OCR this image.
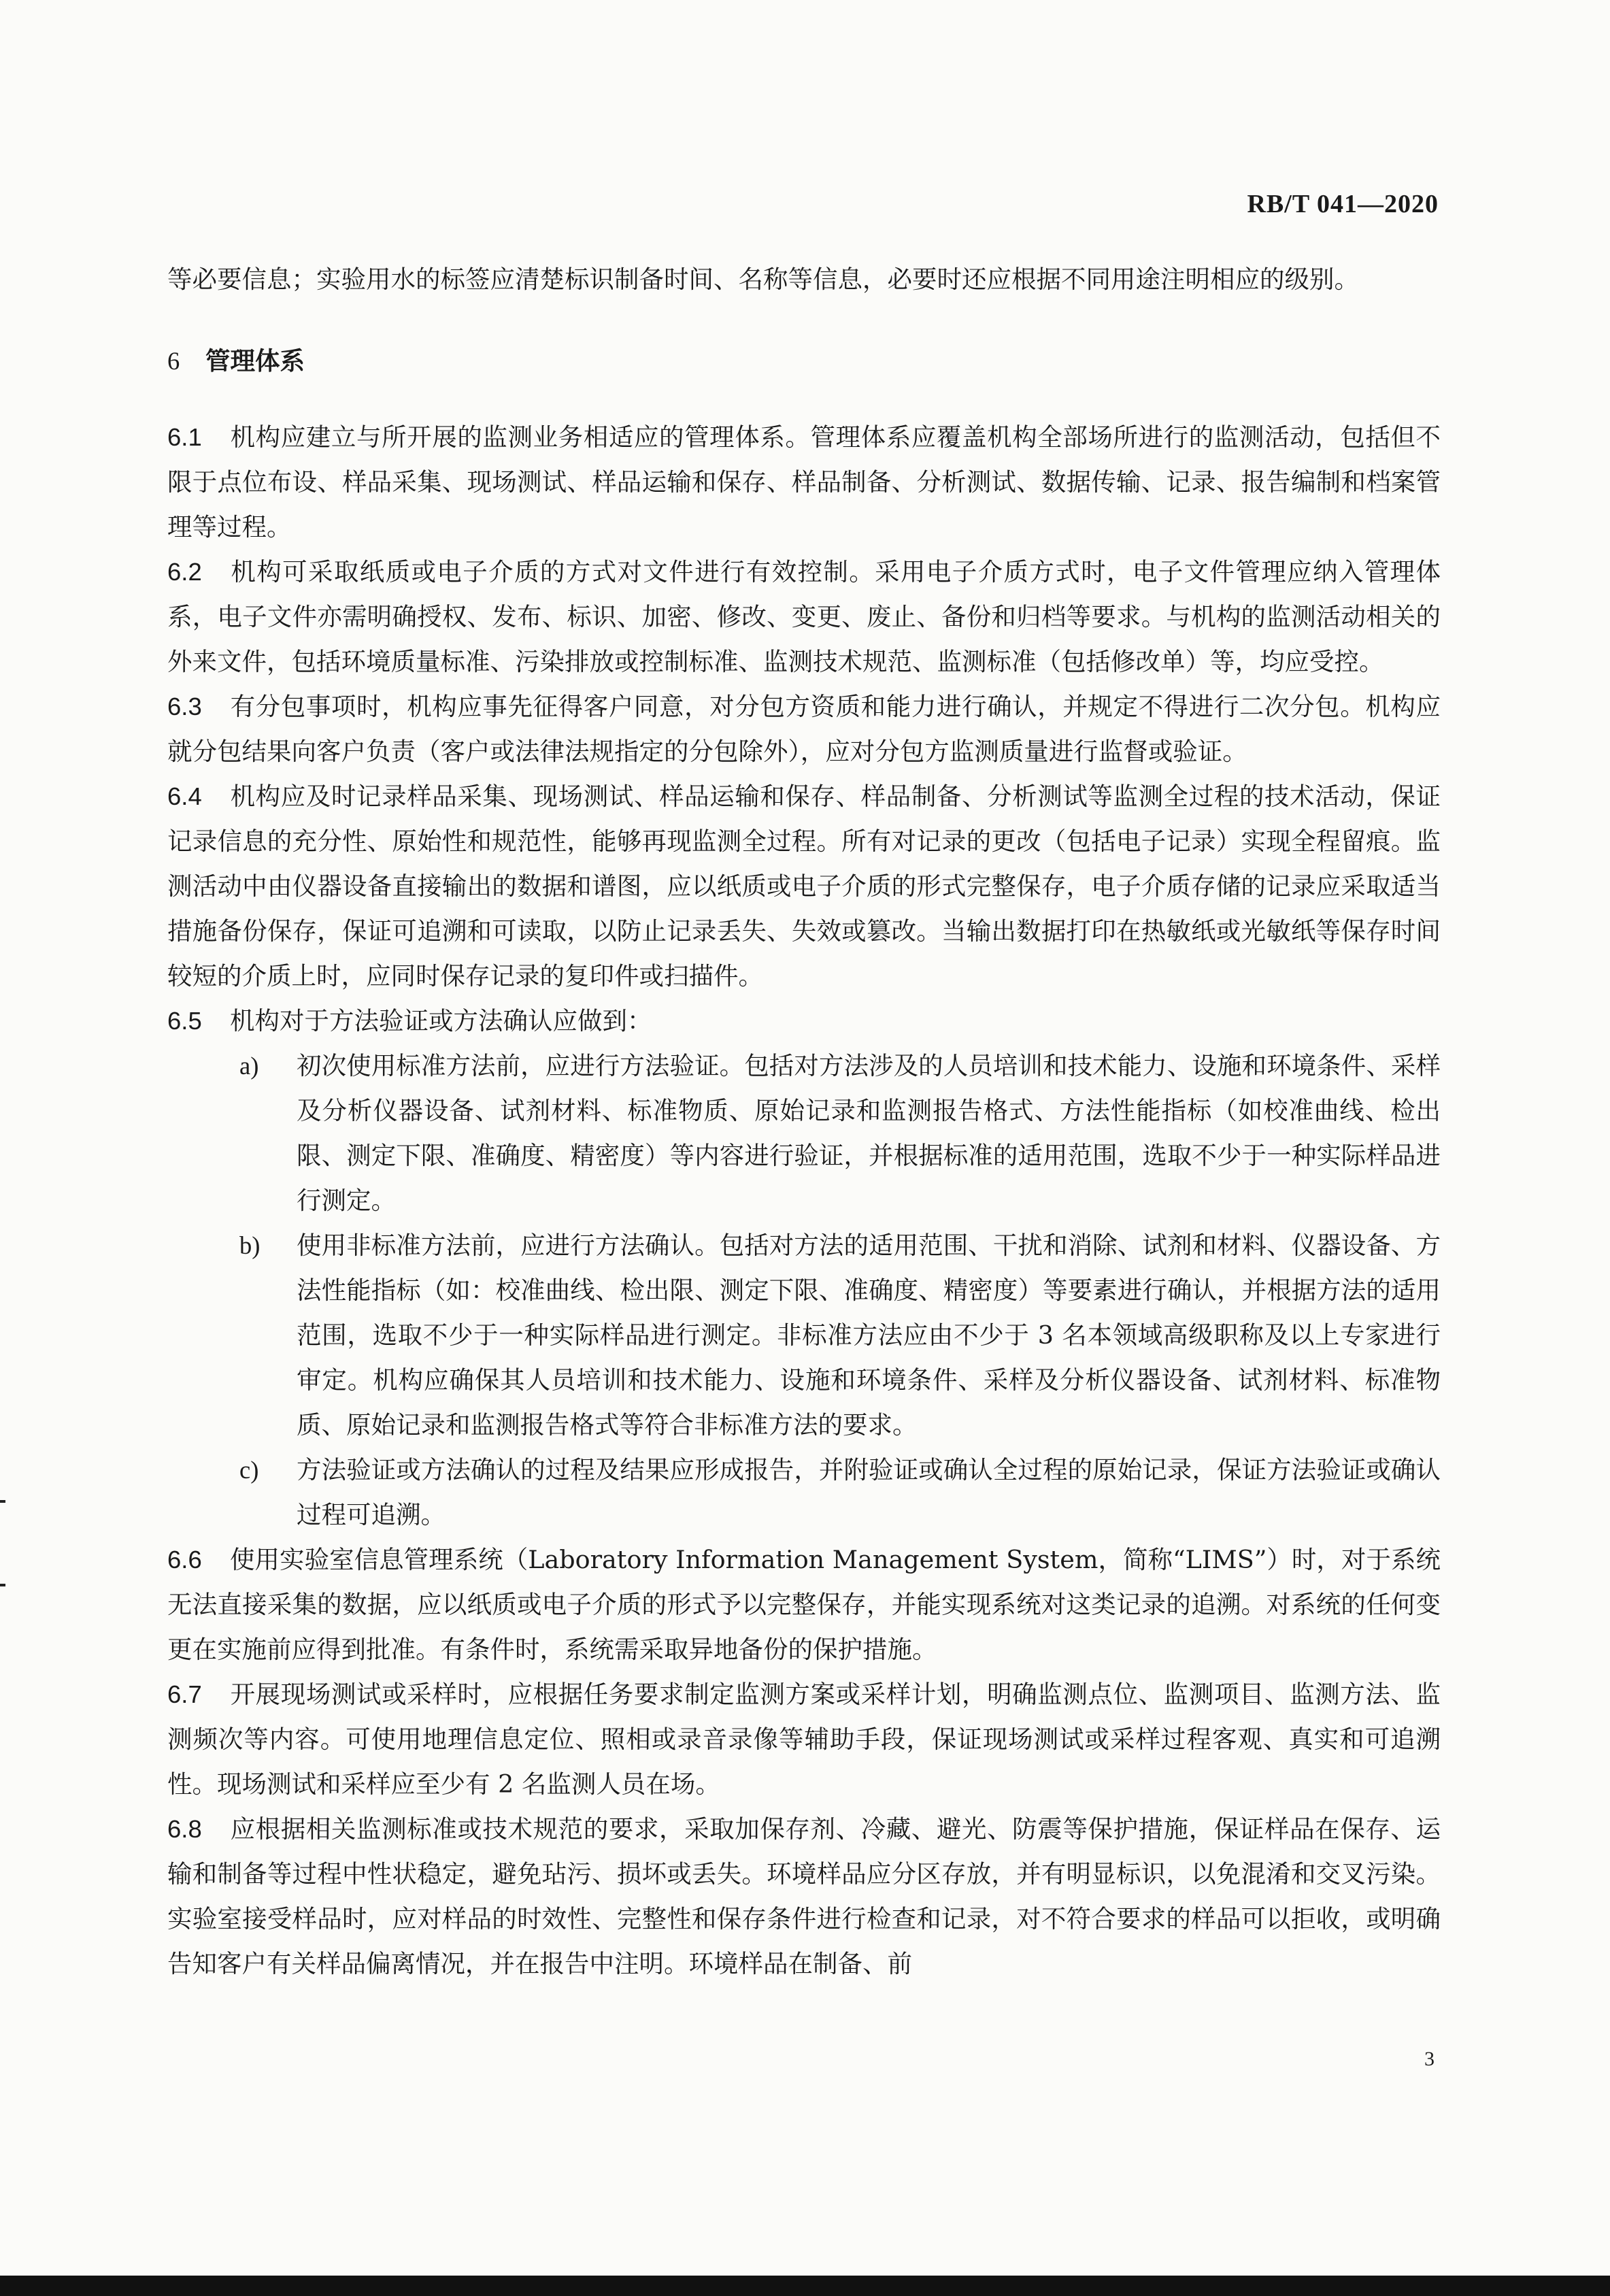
RB/T 041—2020

等必要信息；实验用水的标签应清楚标识制备时间、名称等信息，必要时还应根据不同用途注明相应的级别。

6 管理体系

6.1 机构应建立与所开展的监测业务相适应的管理体系。管理体系应覆盖机构全部场所进行的监测活动，包括但不限于点位布设、样品采集、现场测试、样品运输和保存、样品制备、分析测试、数据传输、记录、报告编制和档案管理等过程。

6.2 机构可采取纸质或电子介质的方式对文件进行有效控制。采用电子介质方式时，电子文件管理应纳入管理体系，电子文件亦需明确授权、发布、标识、加密、修改、变更、废止、备份和归档等要求。与机构的监测活动相关的外来文件，包括环境质量标准、污染排放或控制标准、监测技术规范、监测标准（包括修改单）等，均应受控。

6.3 有分包事项时，机构应事先征得客户同意，对分包方资质和能力进行确认，并规定不得进行二次分包。机构应就分包结果向客户负责（客户或法律法规指定的分包除外），应对分包方监测质量进行监督或验证。

6.4 机构应及时记录样品采集、现场测试、样品运输和保存、样品制备、分析测试等监测全过程的技术活动，保证记录信息的充分性、原始性和规范性，能够再现监测全过程。所有对记录的更改（包括电子记录）实现全程留痕。监测活动中由仪器设备直接输出的数据和谱图，应以纸质或电子介质的形式完整保存，电子介质存储的记录应采取适当措施备份保存，保证可追溯和可读取，以防止记录丢失、失效或篡改。当输出数据打印在热敏纸或光敏纸等保存时间较短的介质上时，应同时保存记录的复印件或扫描件。

6.5 机构对于方法验证或方法确认应做到：

a) 初次使用标准方法前，应进行方法验证。包括对方法涉及的人员培训和技术能力、设施和环境条件、采样及分析仪器设备、试剂材料、标准物质、原始记录和监测报告格式、方法性能指标（如校准曲线、检出限、测定下限、准确度、精密度）等内容进行验证，并根据标准的适用范围，选取不少于一种实际样品进行测定。

b) 使用非标准方法前，应进行方法确认。包括对方法的适用范围、干扰和消除、试剂和材料、仪器设备、方法性能指标（如：校准曲线、检出限、测定下限、准确度、精密度）等要素进行确认，并根据方法的适用范围，选取不少于一种实际样品进行测定。非标准方法应由不少于 3 名本领域高级职称及以上专家进行审定。机构应确保其人员培训和技术能力、设施和环境条件、采样及分析仪器设备、试剂材料、标准物质、原始记录和监测报告格式等符合非标准方法的要求。

c) 方法验证或方法确认的过程及结果应形成报告，并附验证或确认全过程的原始记录，保证方法验证或确认过程可追溯。

6.6 使用实验室信息管理系统（Laboratory Information Management System，简称“LIMS”）时，对于系统无法直接采集的数据，应以纸质或电子介质的形式予以完整保存，并能实现系统对这类记录的追溯。对系统的任何变更在实施前应得到批准。有条件时，系统需采取异地备份的保护措施。

6.7 开展现场测试或采样时，应根据任务要求制定监测方案或采样计划，明确监测点位、监测项目、监测方法、监测频次等内容。可使用地理信息定位、照相或录音录像等辅助手段，保证现场测试或采样过程客观、真实和可追溯性。现场测试和采样应至少有 2 名监测人员在场。

6.8 应根据相关监测标准或技术规范的要求，采取加保存剂、冷藏、避光、防震等保护措施，保证样品在保存、运输和制备等过程中性状稳定，避免玷污、损坏或丢失。环境样品应分区存放，并有明显标识，以免混淆和交叉污染。实验室接受样品时，应对样品的时效性、完整性和保存条件进行检查和记录，对不符合要求的样品可以拒收，或明确告知客户有关样品偏离情况，并在报告中注明。环境样品在制备、前

3
